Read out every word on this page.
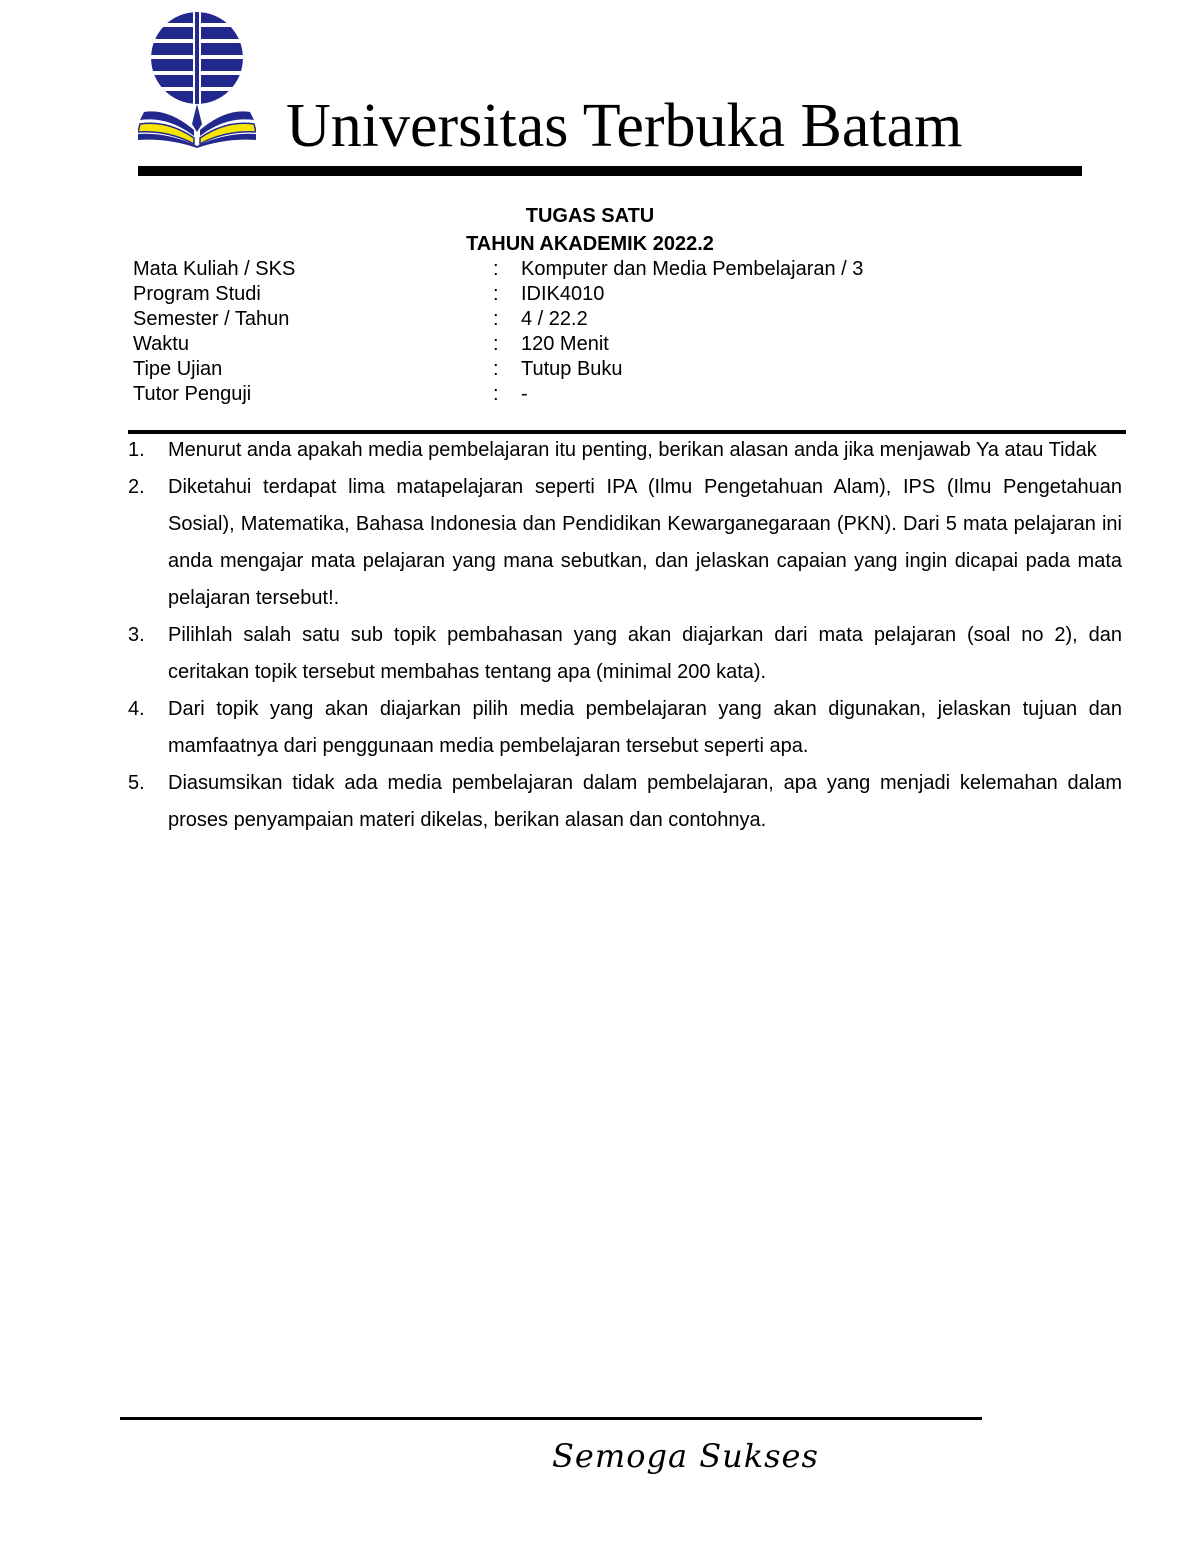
Universitas Terbuka Batam
TUGAS SATU
TAHUN AKADEMIK 2022.2
Mata Kuliah / SKS	:	Komputer dan Media Pembelajaran / 3
Program Studi	:	IDIK4010
Semester / Tahun	:	4 / 22.2
Waktu	:	120 Menit
Tipe Ujian	:	Tutup Buku
Tutor Penguji	:	-
1.	Menurut anda apakah media pembelajaran itu penting, berikan alasan anda jika menjawab Ya atau Tidak
2.	Diketahui terdapat lima matapelajaran seperti IPA (Ilmu Pengetahuan Alam), IPS (Ilmu Pengetahuan Sosial), Matematika, Bahasa Indonesia dan Pendidikan Kewarganegaraan (PKN). Dari 5 mata pelajaran ini anda mengajar mata pelajaran yang mana sebutkan, dan jelaskan capaian yang ingin dicapai pada mata pelajaran tersebut!.
3.	Pilihlah salah satu sub topik pembahasan yang akan diajarkan dari mata pelajaran (soal no 2), dan ceritakan topik tersebut membahas tentang apa (minimal 200 kata).
4.	Dari topik yang akan diajarkan pilih media pembelajaran yang akan digunakan, jelaskan tujuan dan mamfaatnya dari penggunaan media pembelajaran tersebut seperti apa.
5.	Diasumsikan tidak ada media pembelajaran dalam pembelajaran, apa yang menjadi kelemahan dalam proses penyampaian materi dikelas, berikan alasan dan contohnya.
Semoga Sukses
